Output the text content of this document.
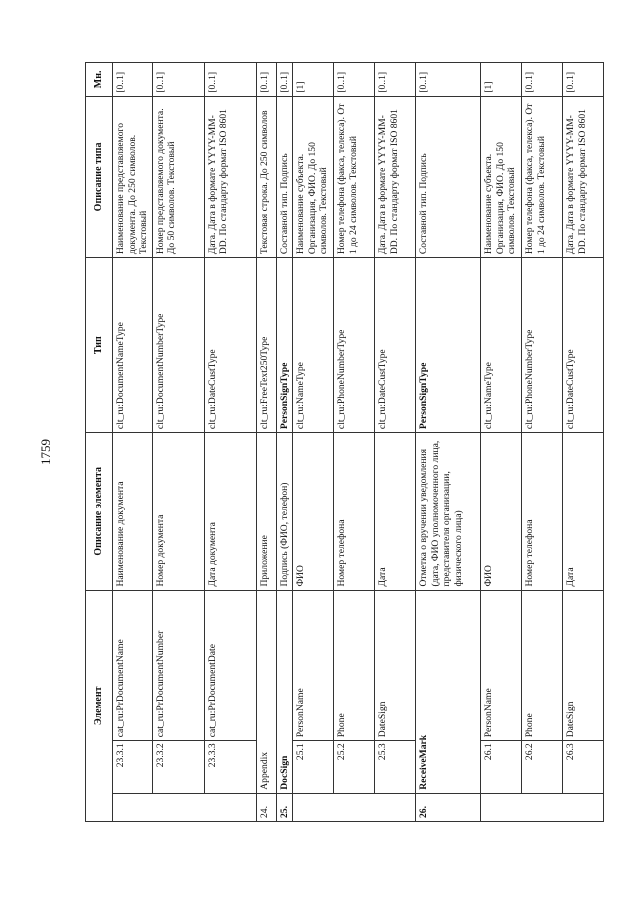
1759
Элемент			Описание элемента	Тип	Описание типа	Мн.
	23.3.1	cat_ru:PrDocumentName	Наименование документа	clt_ru:DocumentNameType	Наименование представляемого документа. До 250 символов. Текстовый	[0..1]
	23.3.2	cat_ru:PrDocumentNumber	Номер документа	clt_ru:DocumentNumberType	Номер представляемого документа. До 50 символов. Текстовый	[0..1]
	23.3.3	cat_ru:PrDocumentDate	Дата документа	clt_ru:DateCustType	Дата. Дата в формате YYYY-MM-DD. По стандарту формат ISO 8601	[0..1]
24.	Appendix		Приложение	clt_ru:FreeText250Type	Текстовая строка. До 250 символов	[0..1]
25.	DocSign		Подпись (ФИО, телефон)	PersonSignType	Составной тип. Подпись	[0..1]
	25.1	PersonName	ФИО	clt_ru:NameType	Наименование субъекта. Организация, ФИО. До 150 символов. Текстовый	[1]
	25.2	Phone	Номер телефона	clt_ru:PhoneNumberType	Номер телефона (факса, телекса). От 1 до 24 символов. Текстовый	[0..1]
	25.3	DateSign	Дата	clt_ru:DateCustType	Дата. Дата в формате YYYY-MM-DD. По стандарту формат ISO 8601	[0..1]
26.	ReceiveMark		Отметка о вручении уведомления (дата, ФИО уполномоченного лица, представителя организации, физического лица)	PersonSignType	Составной тип. Подпись	[0..1]
	26.1	PersonName	ФИО	clt_ru:NameType	Наименование субъекта. Организация, ФИО. До 150 символов. Текстовый	[1]
	26.2	Phone	Номер телефона	clt_ru:PhoneNumberType	Номер телефона (факса, телекса). От 1 до 24 символов. Текстовый	[0..1]
	26.3	DateSign	Дата	clt_ru:DateCustType	Дата. Дата в формате YYYY-MM-DD. По стандарту формат ISO 8601	[0..1]
